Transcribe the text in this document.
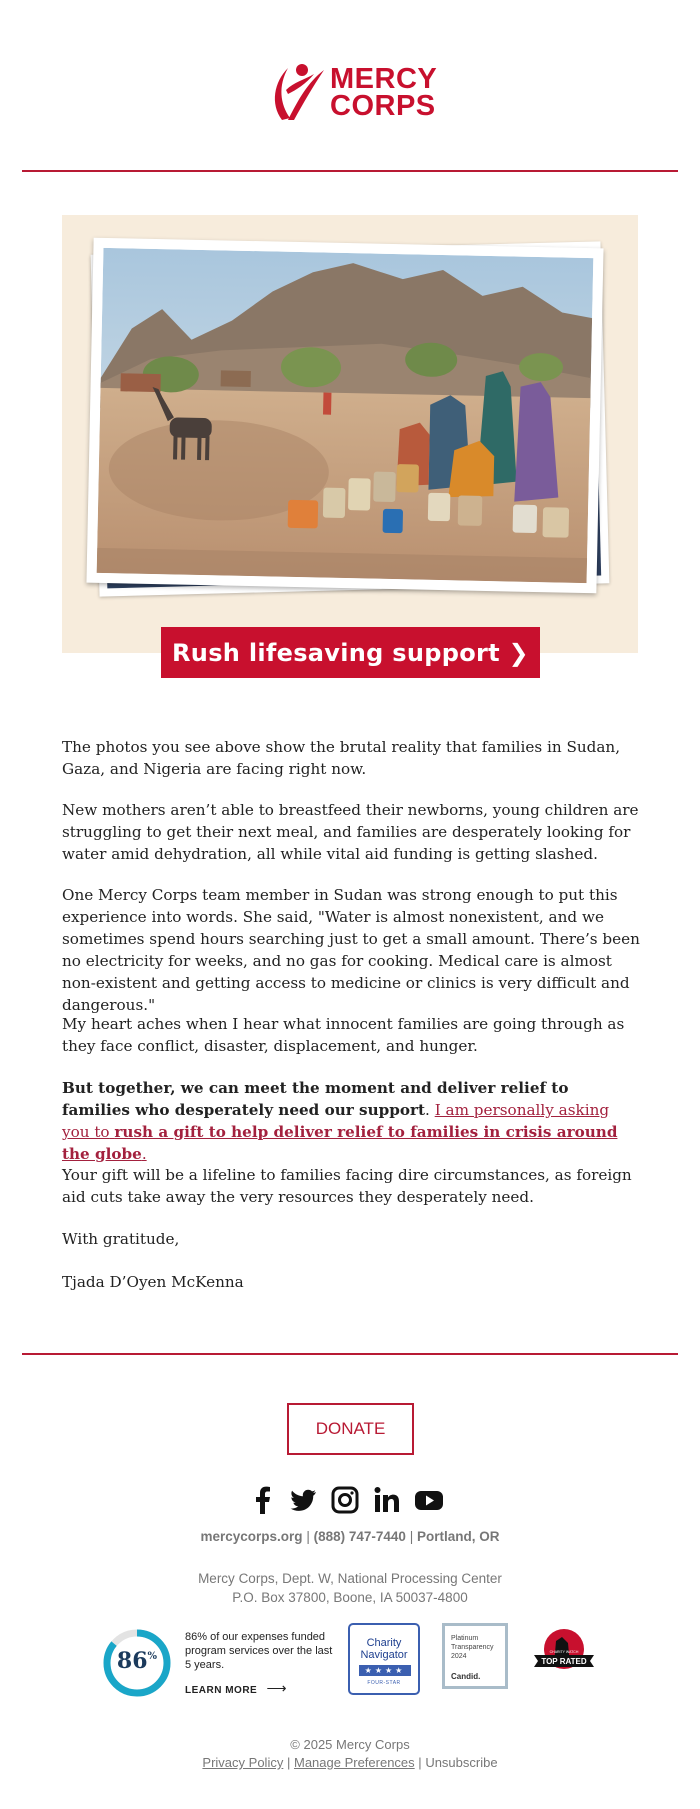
MERCY
CORPS
Rush lifesaving support ❯
The photos you see above show the brutal reality that families in Sudan, Gaza, and Nigeria are facing right now.
New mothers aren’t able to breastfeed their newborns, young children are struggling to get their next meal, and families are desperately looking for water amid dehydration, all while vital aid funding is getting slashed.
One Mercy Corps team member in Sudan was strong enough to put this experience into words. She said, "Water is almost nonexistent, and we sometimes spend hours searching just to get a small amount. There’s been no electricity for weeks, and no gas for cooking. Medical care is almost non-existent and getting access to medicine or clinics is very difficult and dangerous."
My heart aches when I hear what innocent families are going through as they face conflict, disaster, displacement, and hunger.
But together, we can meet the moment and deliver relief to families who desperately need our support. I am personally asking you to rush a gift to help deliver relief to families in crisis around the globe.
Your gift will be a lifeline to families facing dire circumstances, as foreign aid cuts take away the very resources they desperately need.
With gratitude,
Tjada D’Oyen McKenna
DONATE
mercycorps.org | (888) 747-7440 | Portland, OR
Mercy Corps, Dept. W, National Processing Center
P.O. Box 37800, Boone, IA 50037-4800
86%
86% of our expenses funded program services over the last 5 years.
LEARN MORE ⟶
Charity Navigator
★★★★
FOUR-STAR
Platinum Transparency 2024
Candid.
TOP RATED
CHARITY WATCH
© 2025 Mercy Corps
Privacy Policy | Manage Preferences | Unsubscribe
